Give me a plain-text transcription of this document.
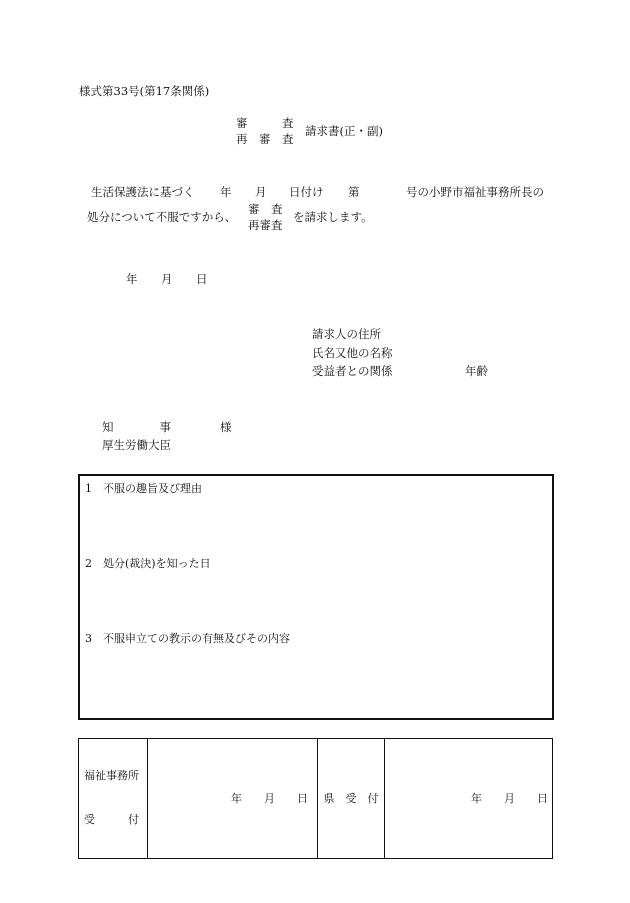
様式第33号(第17条関係)
審　　　査
再　審　査
請求書(正・副)
生活保護法に基づく 年 月 日付け 第	号の小野市福祉事務所長の
処分について不服ですから、
審　査
再審査
を請求します。
年 月 日
請求人の住所
氏名又他の名称
受益者との関係	年齢
知　　　　事	様
厚生労働大臣
1　不服の趣旨及び理由
2　処分(裁決)を知った日
3　不服申立ての教示の有無及びその内容

福祉事務所

受　　　付

	年　　月　　日	県　受　付	年　　月　　日
